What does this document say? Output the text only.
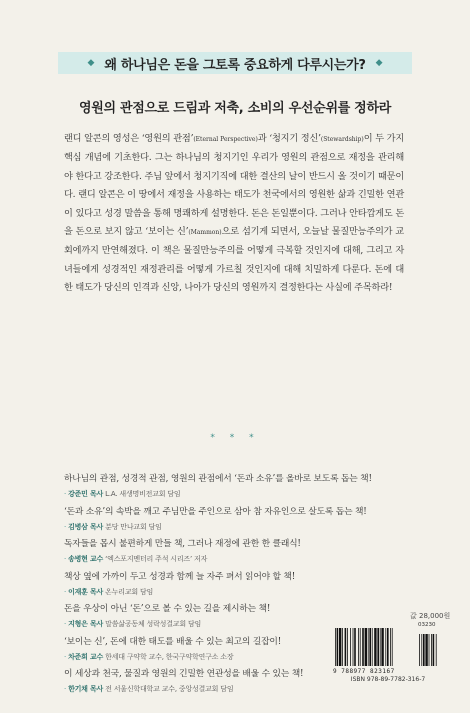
◆ 왜 하나님은 돈을 그토록 중요하게 다루시는가? ◆
영원의 관점으로 드림과 저축, 소비의 우선순위를 정하라
랜디 알콘의 영성은 ‘영원의 관점’(Eternal Perspective)과 ‘청지기 정신’(Stewardship)이 두 가지 핵심 개념에 기초한다. 그는 하나님의 청지기인 우리가 영원의 관점으로 재정을 관리해야 한다고 강조한다. 주님 앞에서 청지기직에 대한 결산의 날이 반드시 올 것이기 때문이다. 랜디 알콘은 이 땅에서 재정을 사용하는 태도가 천국에서의 영원한 삶과 긴밀한 연관이 있다고 성경 말씀을 통해 명쾌하게 설명한다. 돈은 돈일뿐이다. 그러나 안타깝게도 돈을 돈으로 보지 않고 ‘보이는 신’(Mammon)으로 섬기게 되면서, 오늘날 물질만능주의가 교회에까지 만연해졌다. 이 책은 물질만능주의를 어떻게 극복할 것인지에 대해, 그리고 자녀들에게 성경적인 재정관리를 어떻게 가르칠 것인지에 대해 치밀하게 다룬다. 돈에 대한 태도가 당신의 인격과 신앙, 나아가 당신의 영원까지 결정한다는 사실에 주목하라!
* * *
하나님의 관점, 성경적 관점, 영원의 관점에서 ‘돈과 소유’를 올바로 보도록 돕는 책!
· 강준민 목사 L.A. 새생명비전교회 담임
‘돈과 소유’의 속박을 깨고 주님만을 주인으로 삼아 참 자유인으로 살도록 돕는 책!
· 김병삼 목사 분당 만나교회 담임
독자들을 몹시 불편하게 만들 책, 그러나 재정에 관한 한 클래식!
· 송병현 교수 ‘엑스포지멘터리 주석 시리즈’ 저자
책상 옆에 가까이 두고 성경과 함께 늘 자주 펴서 읽어야 할 책!
· 이재훈 목사 온누리교회 담임
돈을 우상이 아닌 ‘돈’으로 볼 수 있는 길을 제시하는 책!
· 지형은 목사 말씀삶공동체 성락성결교회 담임
‘보이는 신’, 돈에 대한 태도를 배울 수 있는 최고의 길잡이!
· 차준희 교수 한세대 구약학 교수, 한국구약학연구소 소장
이 세상과 천국, 물질과 영원의 긴밀한 연관성을 배울 수 있는 책!
· 한기채 목사 전 서울신학대학교 교수, 중앙성결교회 담임
값 28,000원
03230
9 788977 823167
ISBN 978-89-7782-316-7
